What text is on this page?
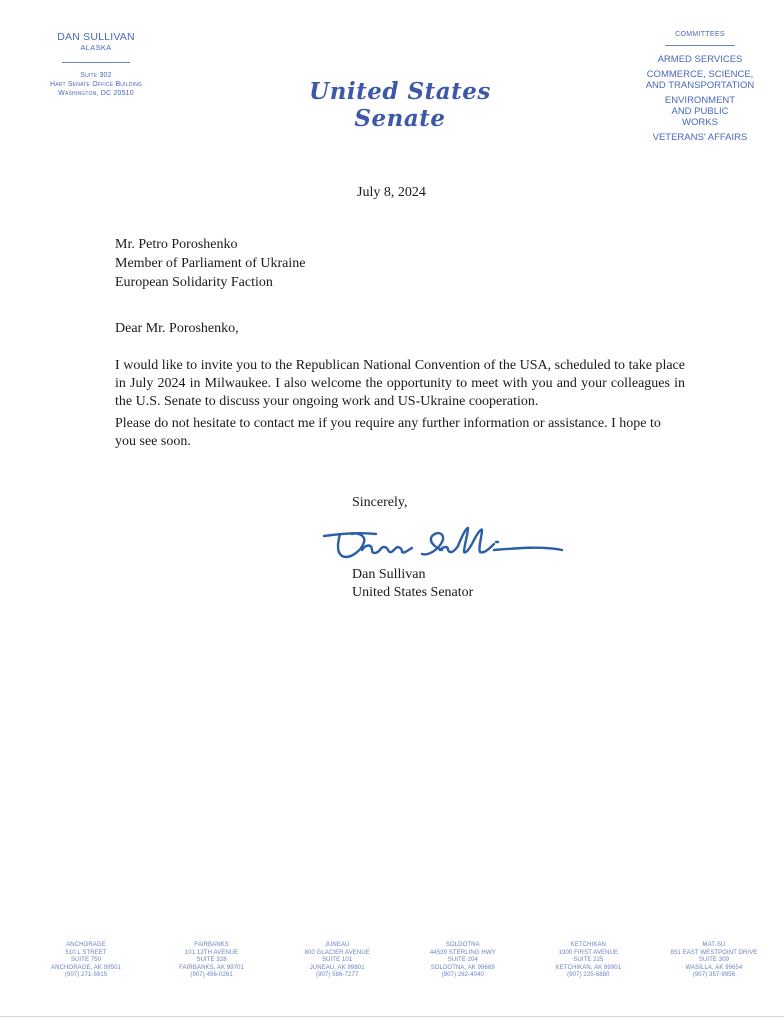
DAN SULLIVAN
ALASKA
Suite 302
Hart Senate Office Building
Washington, DC 20510	United States Senate
COMMITTEES
ARMED SERVICES
COMMERCE, SCIENCE, AND TRANSPORTATION
ENVIRONMENT AND PUBLIC WORKS
VETERANS' AFFAIRS
July 8, 2024
Mr. Petro Poroshenko
Member of Parliament of Ukraine
European Solidarity Faction
Dear Mr. Poroshenko,
I would like to invite you to the Republican National Convention of the USA, scheduled to take place in July 2024 in Milwaukee. I also welcome the opportunity to meet with you and your colleagues in the U.S. Senate to discuss your ongoing work and US-Ukraine cooperation.
Please do not hesitate to contact me if you require any further information or assistance. I hope to you see soon.
Sincerely,
Dan Sullivan
United States Senator
ANCHORAGE
510 L STREET
SUITE 750
ANCHORAGE, AK 99501
(907) 271-5915
FAIRBANKS
101 12TH AVENUE
SUITE 328
FAIRBANKS, AK 99701
(907) 456-0261
JUNEAU
800 GLACIER AVENUE
SUITE 101
JUNEAU, AK 99801
(907) 586-7277
SOLDOTNA
44539 STERLING HWY
SUITE 204
SOLDOTNA, AK 99669
(907) 262-4040
KETCHIKAN
1900 FIRST AVENUE
SUITE 225
KETCHIKAN, AK 99901
(907) 225-6880
MAT-SU
851 EAST WESTPOINT DRIVE
SUITE 309
WASILLA, AK 99654
(907) 357-9956
